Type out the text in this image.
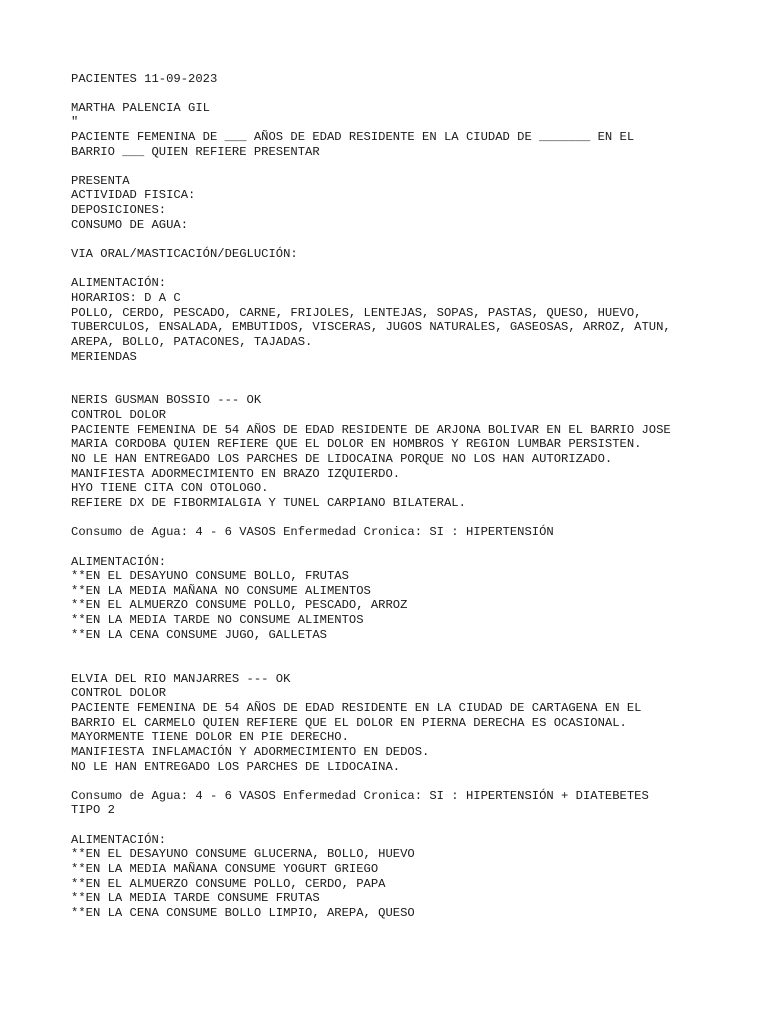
PACIENTES 11-09-2023
MARTHA PALENCIA GIL
"
PACIENTE FEMENINA DE ___ AÑOS DE EDAD RESIDENTE EN LA CIUDAD DE _______ EN EL
BARRIO ___ QUIEN REFIERE PRESENTAR
PRESENTA
ACTIVIDAD FISICA:
DEPOSICIONES:
CONSUMO DE AGUA:
VIA ORAL/MASTICACIÓN/DEGLUCIÓN:
ALIMENTACIÓN:
HORARIOS: D A C
POLLO, CERDO, PESCADO, CARNE, FRIJOLES, LENTEJAS, SOPAS, PASTAS, QUESO, HUEVO,
TUBERCULOS, ENSALADA, EMBUTIDOS, VISCERAS, JUGOS NATURALES, GASEOSAS, ARROZ, ATUN,
AREPA, BOLLO, PATACONES, TAJADAS.
MERIENDAS
NERIS GUSMAN BOSSIO --- OK
CONTROL DOLOR
PACIENTE FEMENINA DE 54 AÑOS DE EDAD RESIDENTE DE ARJONA BOLIVAR EN EL BARRIO JOSE
MARIA CORDOBA QUIEN REFIERE QUE EL DOLOR EN HOMBROS Y REGION LUMBAR PERSISTEN.
NO LE HAN ENTREGADO LOS PARCHES DE LIDOCAINA PORQUE NO LOS HAN AUTORIZADO.
MANIFIESTA ADORMECIMIENTO EN BRAZO IZQUIERDO.
HYO TIENE CITA CON OTOLOGO.
REFIERE DX DE FIBORMIALGIA Y TUNEL CARPIANO BILATERAL.
Consumo de Agua: 4 - 6 VASOS Enfermedad Cronica: SI : HIPERTENSIÓN
ALIMENTACIÓN:
**EN EL DESAYUNO CONSUME BOLLO, FRUTAS
**EN LA MEDIA MAÑANA NO CONSUME ALIMENTOS
**EN EL ALMUERZO CONSUME POLLO, PESCADO, ARROZ
**EN LA MEDIA TARDE NO CONSUME ALIMENTOS
**EN LA CENA CONSUME JUGO, GALLETAS
ELVIA DEL RIO MANJARRES --- OK
CONTROL DOLOR
PACIENTE FEMENINA DE 54 AÑOS DE EDAD RESIDENTE EN LA CIUDAD DE CARTAGENA EN EL
BARRIO EL CARMELO QUIEN REFIERE QUE EL DOLOR EN PIERNA DERECHA ES OCASIONAL.
MAYORMENTE TIENE DOLOR EN PIE DERECHO.
MANIFIESTA INFLAMACIÓN Y ADORMECIMIENTO EN DEDOS.
NO LE HAN ENTREGADO LOS PARCHES DE LIDOCAINA.
Consumo de Agua: 4 - 6 VASOS Enfermedad Cronica: SI : HIPERTENSIÓN + DIATEBETES
TIPO 2
ALIMENTACIÓN:
**EN EL DESAYUNO CONSUME GLUCERNA, BOLLO, HUEVO
**EN LA MEDIA MAÑANA CONSUME YOGURT GRIEGO
**EN EL ALMUERZO CONSUME POLLO, CERDO, PAPA
**EN LA MEDIA TARDE CONSUME FRUTAS
**EN LA CENA CONSUME BOLLO LIMPIO, AREPA, QUESO
